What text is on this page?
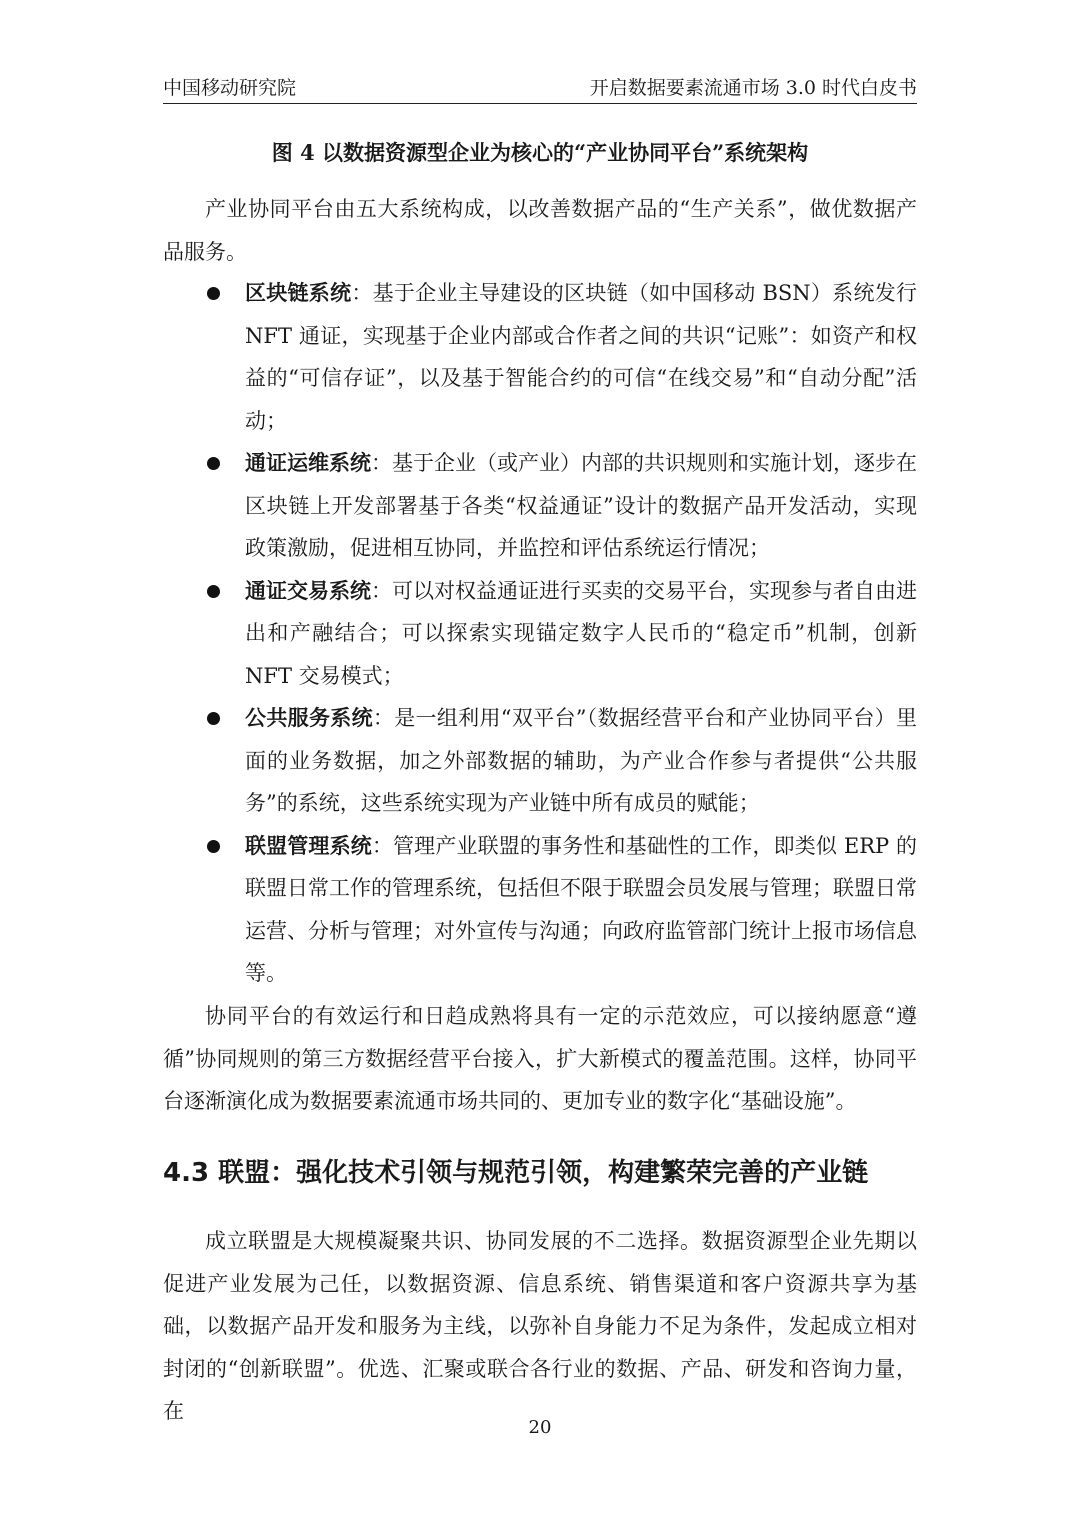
中国移动研究院	开启数据要素流通市场 3.0 时代白皮书
图 4 以数据资源型企业为核心的“产业协同平台”系统架构

产业协同平台由五大系统构成，以改善数据产品的“生产关系”，做优数据产品服务。

区块链系统：基于企业主导建设的区块链（如中国移动 BSN）系统发行 NFT 通证，实现基于企业内部或合作者之间的共识“记账”：如资产和权益的“可信存证”，以及基于智能合约的可信“在线交易”和“自动分配”活动；
通证运维系统：基于企业（或产业）内部的共识规则和实施计划，逐步在区块链上开发部署基于各类“权益通证”设计的数据产品开发活动，实现政策激励，促进相互协同，并监控和评估系统运行情况；
通证交易系统：可以对权益通证进行买卖的交易平台，实现参与者自由进出和产融结合；可以探索实现锚定数字人民币的“稳定币”机制，创新 NFT 交易模式；
公共服务系统：是一组利用“双平台”（数据经营平台和产业协同平台）里面的业务数据，加之外部数据的辅助，为产业合作参与者提供“公共服务”的系统，这些系统实现为产业链中所有成员的赋能；
联盟管理系统：管理产业联盟的事务性和基础性的工作，即类似 ERP 的联盟日常工作的管理系统，包括但不限于联盟会员发展与管理；联盟日常运营、分析与管理；对外宣传与沟通；向政府监管部门统计上报市场信息等。

协同平台的有效运行和日趋成熟将具有一定的示范效应，可以接纳愿意“遵循”协同规则的第三方数据经营平台接入，扩大新模式的覆盖范围。这样，协同平台逐渐演化成为数据要素流通市场共同的、更加专业的数字化“基础设施”。

4.3 联盟：强化技术引领与规范引领，构建繁荣完善的产业链

成立联盟是大规模凝聚共识、协同发展的不二选择。数据资源型企业先期以促进产业发展为己任，以数据资源、信息系统、销售渠道和客户资源共享为基础，以数据产品开发和服务为主线，以弥补自身能力不足为条件，发起成立相对封闭的“创新联盟”。优选、汇聚或联合各行业的数据、产品、研发和咨询力量，在

20
